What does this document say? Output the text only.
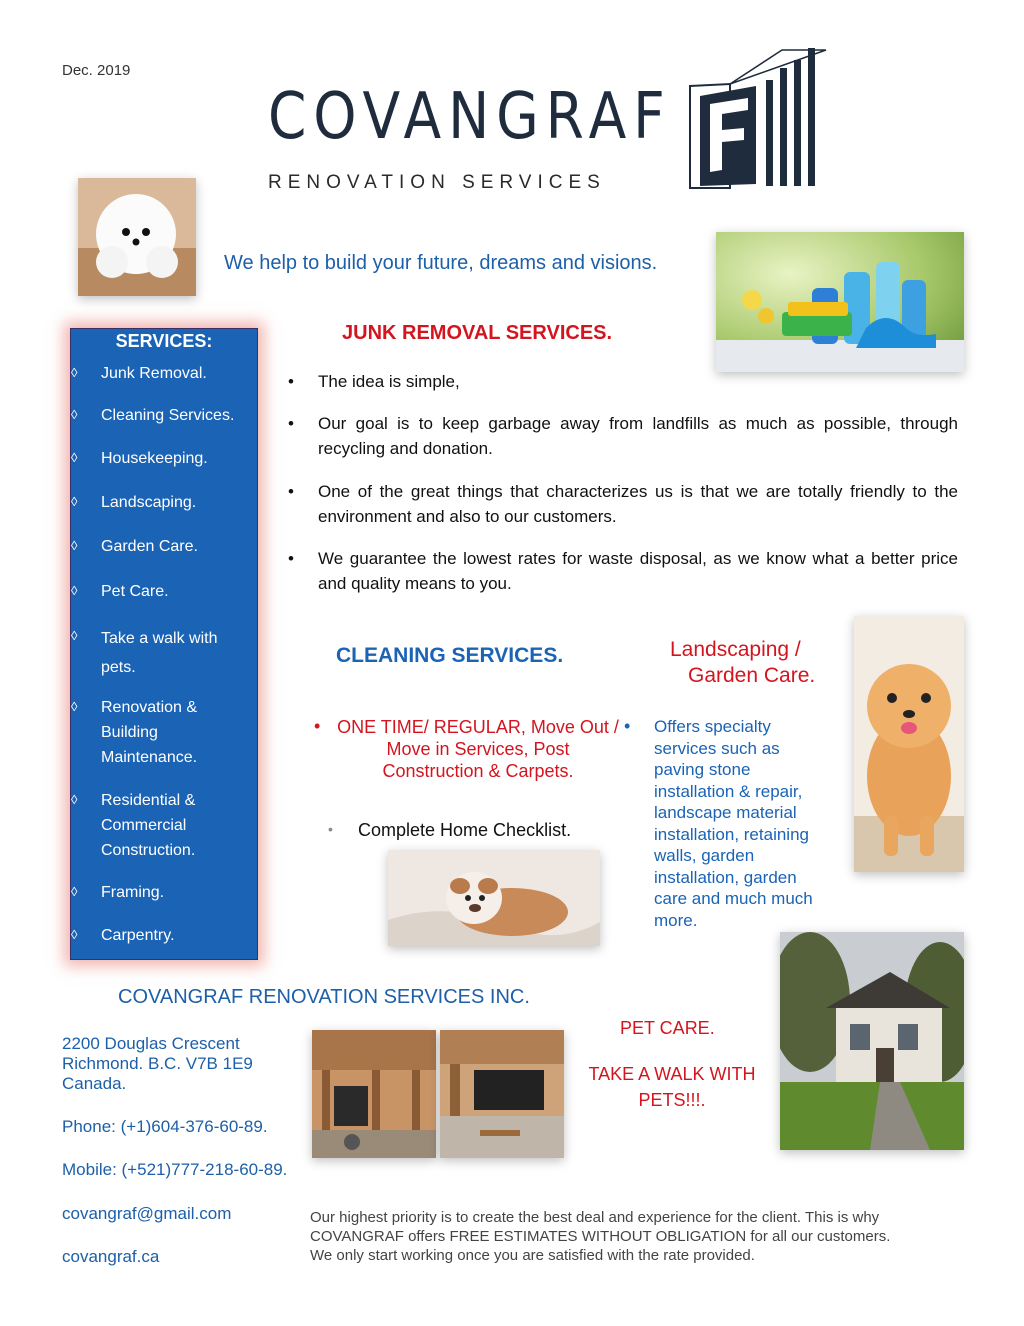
Dec. 2019
COVANGRAF
RENOVATION SERVICES
We help to build your future, dreams and visions.
SERVICES:
◊ Junk Removal.
◊ Cleaning Services.
◊ Housekeeping.
◊ Landscaping.
◊ Garden Care.
◊ Pet Care.
◊ Take a walk with pets.
◊ Renovation & Building Maintenance.
◊ Residential & Commercial Construction.
◊ Framing.
◊ Carpentry.
JUNK REMOVAL SERVICES.
• The idea is simple,
• Our goal is to keep garbage away from landfills as much as possible, through recycling and donation.
• One of the great things that characterizes us is that we are totally friendly to the environment and also to our customers.
• We guarantee the lowest rates for waste disposal, as we know what a better price and quality means to you.
CLEANING SERVICES.
• ONE TIME/ REGULAR, Move Out / Move in Services, Post Construction & Carpets.
• Complete Home Checklist.
Landscaping /
Garden Care.
• Offers specialty services such as paving stone installation & repair, landscape material installation, retaining walls, garden installation, garden care and much much more.
COVANGRAF RENOVATION SERVICES INC.
2200 Douglas Crescent
Richmond. B.C. V7B 1E9
Canada.
Phone: (+1)604-376-60-89.
Mobile: (+521)777-218-60-89.
covangraf@gmail.com
covangraf.ca
PET CARE.
TAKE A WALK WITH PETS!!!.
Our highest priority is to create the best deal and experience for the client. This is why COVANGRAF offers FREE ESTIMATES WITHOUT OBLIGATION for all our customers. We only start working once you are satisfied with the rate provided.
